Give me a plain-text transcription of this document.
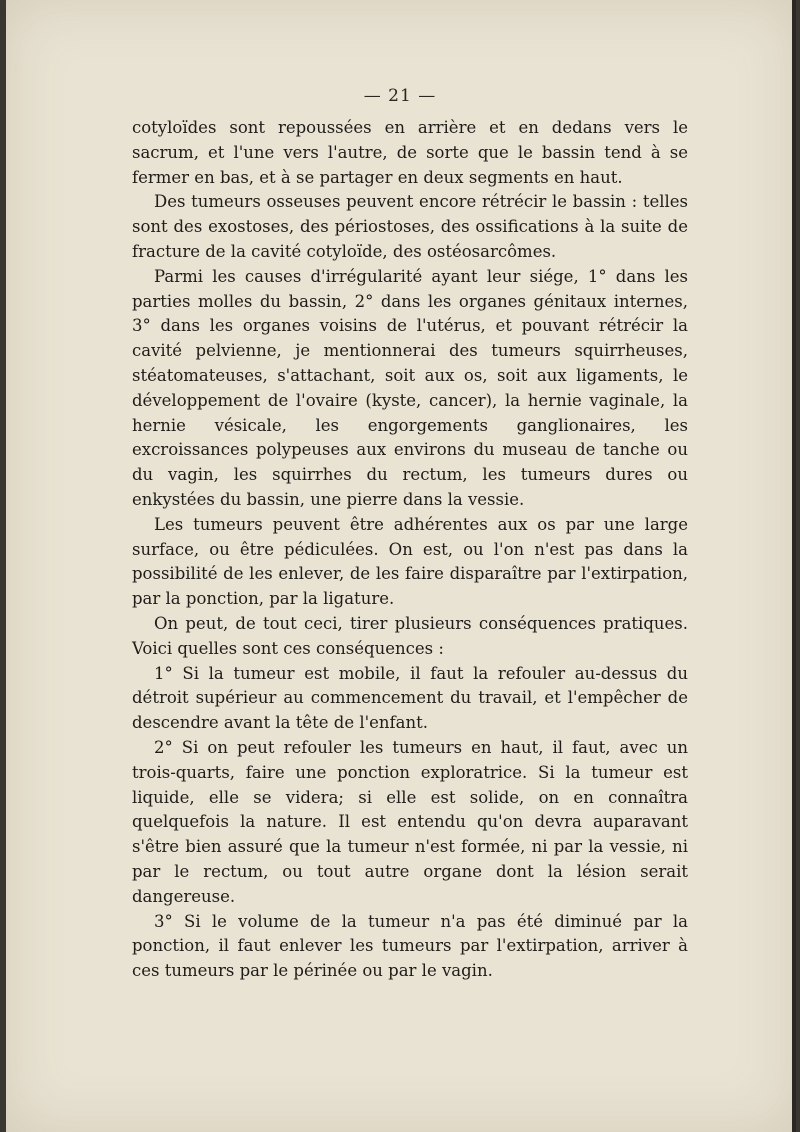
— 21 —

cotyloïdes sont repoussées en arrière et en dedans vers le sacrum, et l'une vers l'autre, de sorte que le bassin tend à se fermer en bas, et à se partager en deux segments en haut.

Des tumeurs osseuses peuvent encore rétrécir le bassin : telles sont des exostoses, des périostoses, des ossifications à la suite de fracture de la cavité cotyloïde, des ostéosarcômes.

Parmi les causes d'irrégularité ayant leur siége, 1° dans les parties molles du bassin, 2° dans les organes génitaux internes, 3° dans les organes voisins de l'utérus, et pouvant rétrécir la cavité pelvienne, je mentionnerai des tumeurs squirrheuses, stéatomateuses, s'attachant, soit aux os, soit aux ligaments, le développement de l'ovaire (kyste, cancer), la hernie vaginale, la hernie vésicale, les engorgements ganglionaires, les excroissances polypeuses aux environs du museau de tanche ou du vagin, les squirrhes du rectum, les tumeurs dures ou enkystées du bassin, une pierre dans la vessie.

Les tumeurs peuvent être adhérentes aux os par une large surface, ou être pédiculées. On est, ou l'on n'est pas dans la possibilité de les enlever, de les faire disparaître par l'extirpation, par la ponction, par la ligature.

On peut, de tout ceci, tirer plusieurs conséquences pratiques. Voici quelles sont ces conséquences :

1° Si la tumeur est mobile, il faut la refouler au-dessus du détroit supérieur au commencement du travail, et l'empêcher de descendre avant la tête de l'enfant.

2° Si on peut refouler les tumeurs en haut, il faut, avec un trois-quarts, faire une ponction exploratrice. Si la tumeur est liquide, elle se videra; si elle est solide, on en connaîtra quelquefois la nature. Il est entendu qu'on devra auparavant s'être bien assuré que la tumeur n'est formée, ni par la vessie, ni par le rectum, ou tout autre organe dont la lésion serait dangereuse.

3° Si le volume de la tumeur n'a pas été diminué par la ponction, il faut enlever les tumeurs par l'extirpation, arriver à ces tumeurs par le périnée ou par le vagin.
